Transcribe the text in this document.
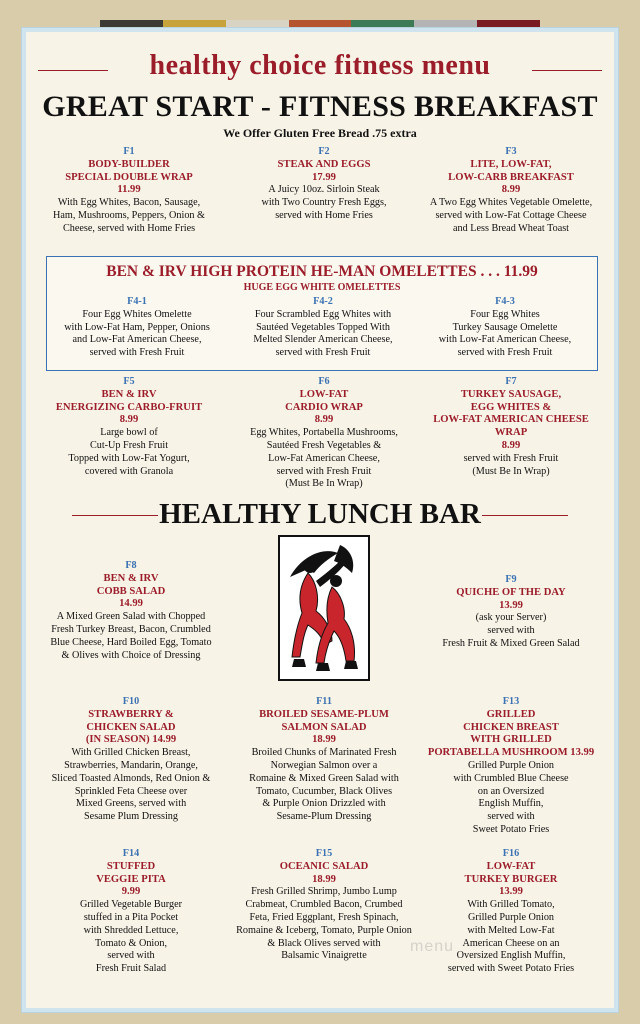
healthy choice fitness menu
GREAT START - FITNESS BREAKFAST
We Offer Gluten Free Bread .75 extra
F1
BODY-BUILDER
SPECIAL DOUBLE WRAP
11.99
With Egg Whites, Bacon, Sausage,
Ham, Mushrooms, Peppers, Onion &
Cheese, served with Home Fries
F2
STEAK AND EGGS
17.99
A Juicy 10oz. Sirloin Steak
with Two Country Fresh Eggs,
served with Home Fries
F3
LITE, LOW-FAT,
LOW-CARB BREAKFAST
8.99
A Two Egg Whites Vegetable Omelette,
served with Low-Fat Cottage Cheese
and Less Bread Wheat Toast
BEN & IRV HIGH PROTEIN HE-MAN OMELETTES . . . 11.99
HUGE EGG WHITE OMELETTES
F4-1
Four Egg Whites Omelette
with Low-Fat Ham, Pepper, Onions
and Low-Fat American Cheese,
served with Fresh Fruit
F4-2
Four Scrambled Egg Whites with
Sautéed Vegetables Topped With
Melted Slender American Cheese,
served with Fresh Fruit
F4-3
Four Egg Whites
Turkey Sausage Omelette
with Low-Fat American Cheese,
served with Fresh Fruit
F5
BEN & IRV
ENERGIZING CARBO-FRUIT
8.99
Large bowl of
Cut-Up Fresh Fruit
Topped with Low-Fat Yogurt,
covered with Granola
F6
LOW-FAT
CARDIO WRAP
8.99
Egg Whites, Portabella Mushrooms,
Sautéed Fresh Vegetables &
Low-Fat American Cheese,
served with Fresh Fruit
(Must Be In Wrap)
F7
TURKEY SAUSAGE,
EGG WHITES &
LOW-FAT AMERICAN CHEESE
WRAP
8.99
served with Fresh Fruit
(Must Be In Wrap)
HEALTHY LUNCH BAR
F8
BEN & IRV
COBB SALAD
14.99
A Mixed Green Salad with Chopped
Fresh Turkey Breast, Bacon, Crumbled
Blue Cheese, Hard Boiled Egg, Tomato
& Olives with Choice of Dressing
F9
QUICHE OF THE DAY
13.99
(ask your Server)
served with
Fresh Fruit & Mixed Green Salad
F10
STRAWBERRY &
CHICKEN SALAD
(IN SEASON) 14.99
With Grilled Chicken Breast,
Strawberries, Mandarin, Orange,
Sliced Toasted Almonds, Red Onion &
Sprinkled Feta Cheese over
Mixed Greens, served with
Sesame Plum Dressing
F11
BROILED SESAME-PLUM
SALMON SALAD
18.99
Broiled Chunks of Marinated Fresh
Norwegian Salmon over a
Romaine & Mixed Green Salad with
Tomato, Cucumber, Black Olives
& Purple Onion Drizzled with
Sesame-Plum Dressing
F13
GRILLED
CHICKEN BREAST
WITH GRILLED
PORTABELLA MUSHROOM 13.99
Grilled Purple Onion
with Crumbled Blue Cheese
on an Oversized
English Muffin,
served with
Sweet Potato Fries
F14
STUFFED
VEGGIE PITA
9.99
Grilled Vegetable Burger
stuffed in a Pita Pocket
with Shredded Lettuce,
Tomato & Onion,
served with
Fresh Fruit Salad
F15
OCEANIC SALAD
18.99
Fresh Grilled Shrimp, Jumbo Lump
Crabmeat, Crumbled Bacon, Crumbed
Feta, Fried Eggplant, Fresh Spinach,
Romaine & Iceberg, Tomato, Purple Onion
& Black Olives served with
Balsamic Vinaigrette
F16
LOW-FAT
TURKEY BURGER
13.99
With Grilled Tomato,
Grilled Purple Onion
with Melted Low-Fat
American Cheese on an
Oversized English Muffin,
served with Sweet Potato Fries
menu
